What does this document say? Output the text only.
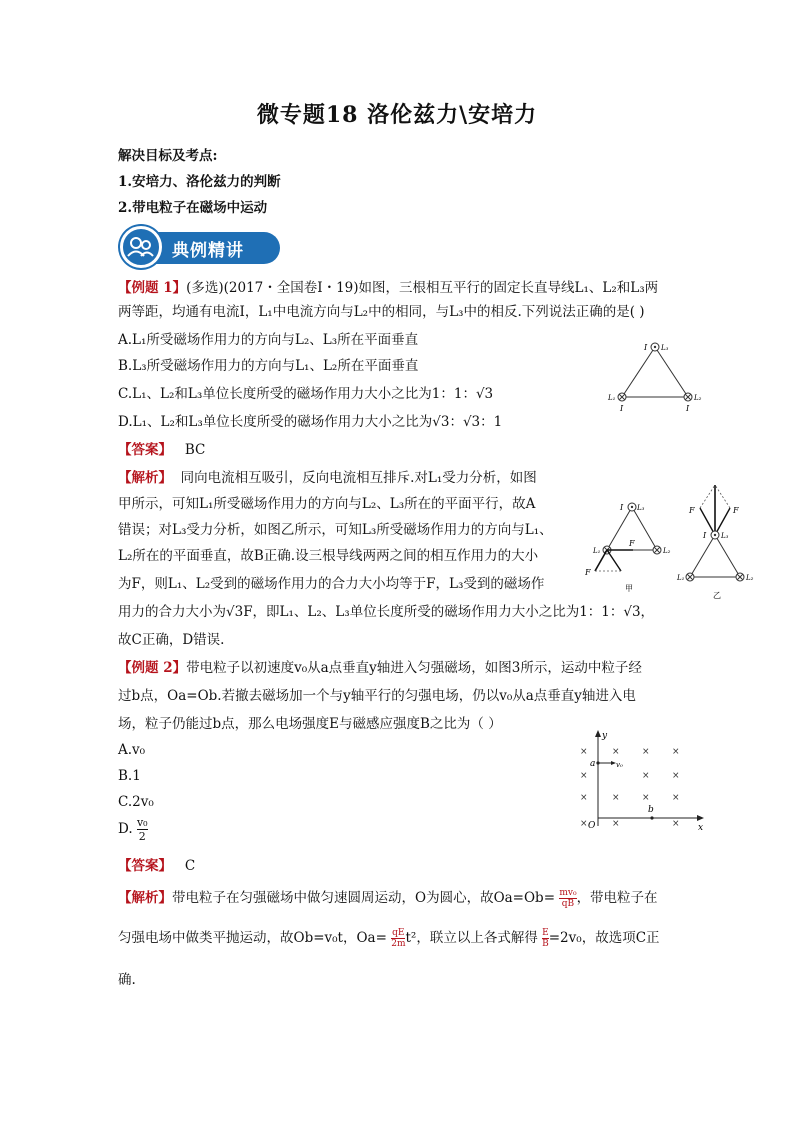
微专题18 洛伦兹力\安培力
解决目标及考点:
1.安培力、洛伦兹力的判断
2.带电粒子在磁场中运动
典例精讲
【例题 1】(多选)(2017・全国卷Ⅰ・19)如图，三根相互平行的固定长直导线L₁、L₂和L₃两
两等距，均通有电流I，L₁中电流方向与L₂中的相同，与L₃中的相反.下列说法正确的是( )
A.L₁所受磁场作用力的方向与L₂、L₃所在平面垂直
B.L₃所受磁场作用力的方向与L₁、L₂所在平面垂直
C.L₁、L₂和L₃单位长度所受的磁场作用力大小之比为1：1：√3
D.L₁、L₂和L₃单位长度所受的磁场作用力大小之比为√3：√3：1
【答案】 BC
【解析】 同向电流相互吸引，反向电流相互排斥.对L₁受力分析，如图
甲所示，可知L₁所受磁场作用力的方向与L₂、L₃所在的平面平行，故A
错误；对L₃受力分析，如图乙所示，可知L₃所受磁场作用力的方向与L₁、
L₂所在的平面垂直，故B正确.设三根导线两两之间的相互作用力的大小
为F，则L₁、L₂受到的磁场作用力的合力大小均等于F，L₃受到的磁场作
用力的合力大小为√3F，即L₁、L₂、L₃单位长度所受的磁场作用力大小之比为1：1：√3，
故C正确，D错误.
I L₃
L₁	L₂
I	I
I L₃
L₁	L₂
F
F
甲
F	F
I L₃
L₁	L₂
乙
【例题 2】带电粒子以初速度v₀从a点垂直y轴进入匀强磁场，如图3所示，运动中粒子经
过b点，Oa=Ob.若撤去磁场加一个与y轴平行的匀强电场，仍以v₀从a点垂直y轴进入电
场，粒子仍能过b点，那么电场强度E与磁感应强度B之比为（ ）
A.v₀
B.1
C.2v₀
D. $\frac{\text{v₀}}{2}$
【答案】 C
【解析】带电粒子在匀强磁场中做匀速圆周运动，O为圆心，故$Oa=Ob= \frac{\text{mv₀}}{qB}$ ，带电粒子在
匀强电场中做类平抛运动，故Ob=v₀t，$Oa= \frac{qE}{2m} t^2$，联立以上各式解得 $\frac{E}{B} =2v_0$，故选项C正
确.
y
x
O
a	v₀
b
×	× × ×
×	× ×
×	× × ×
×	×	×
